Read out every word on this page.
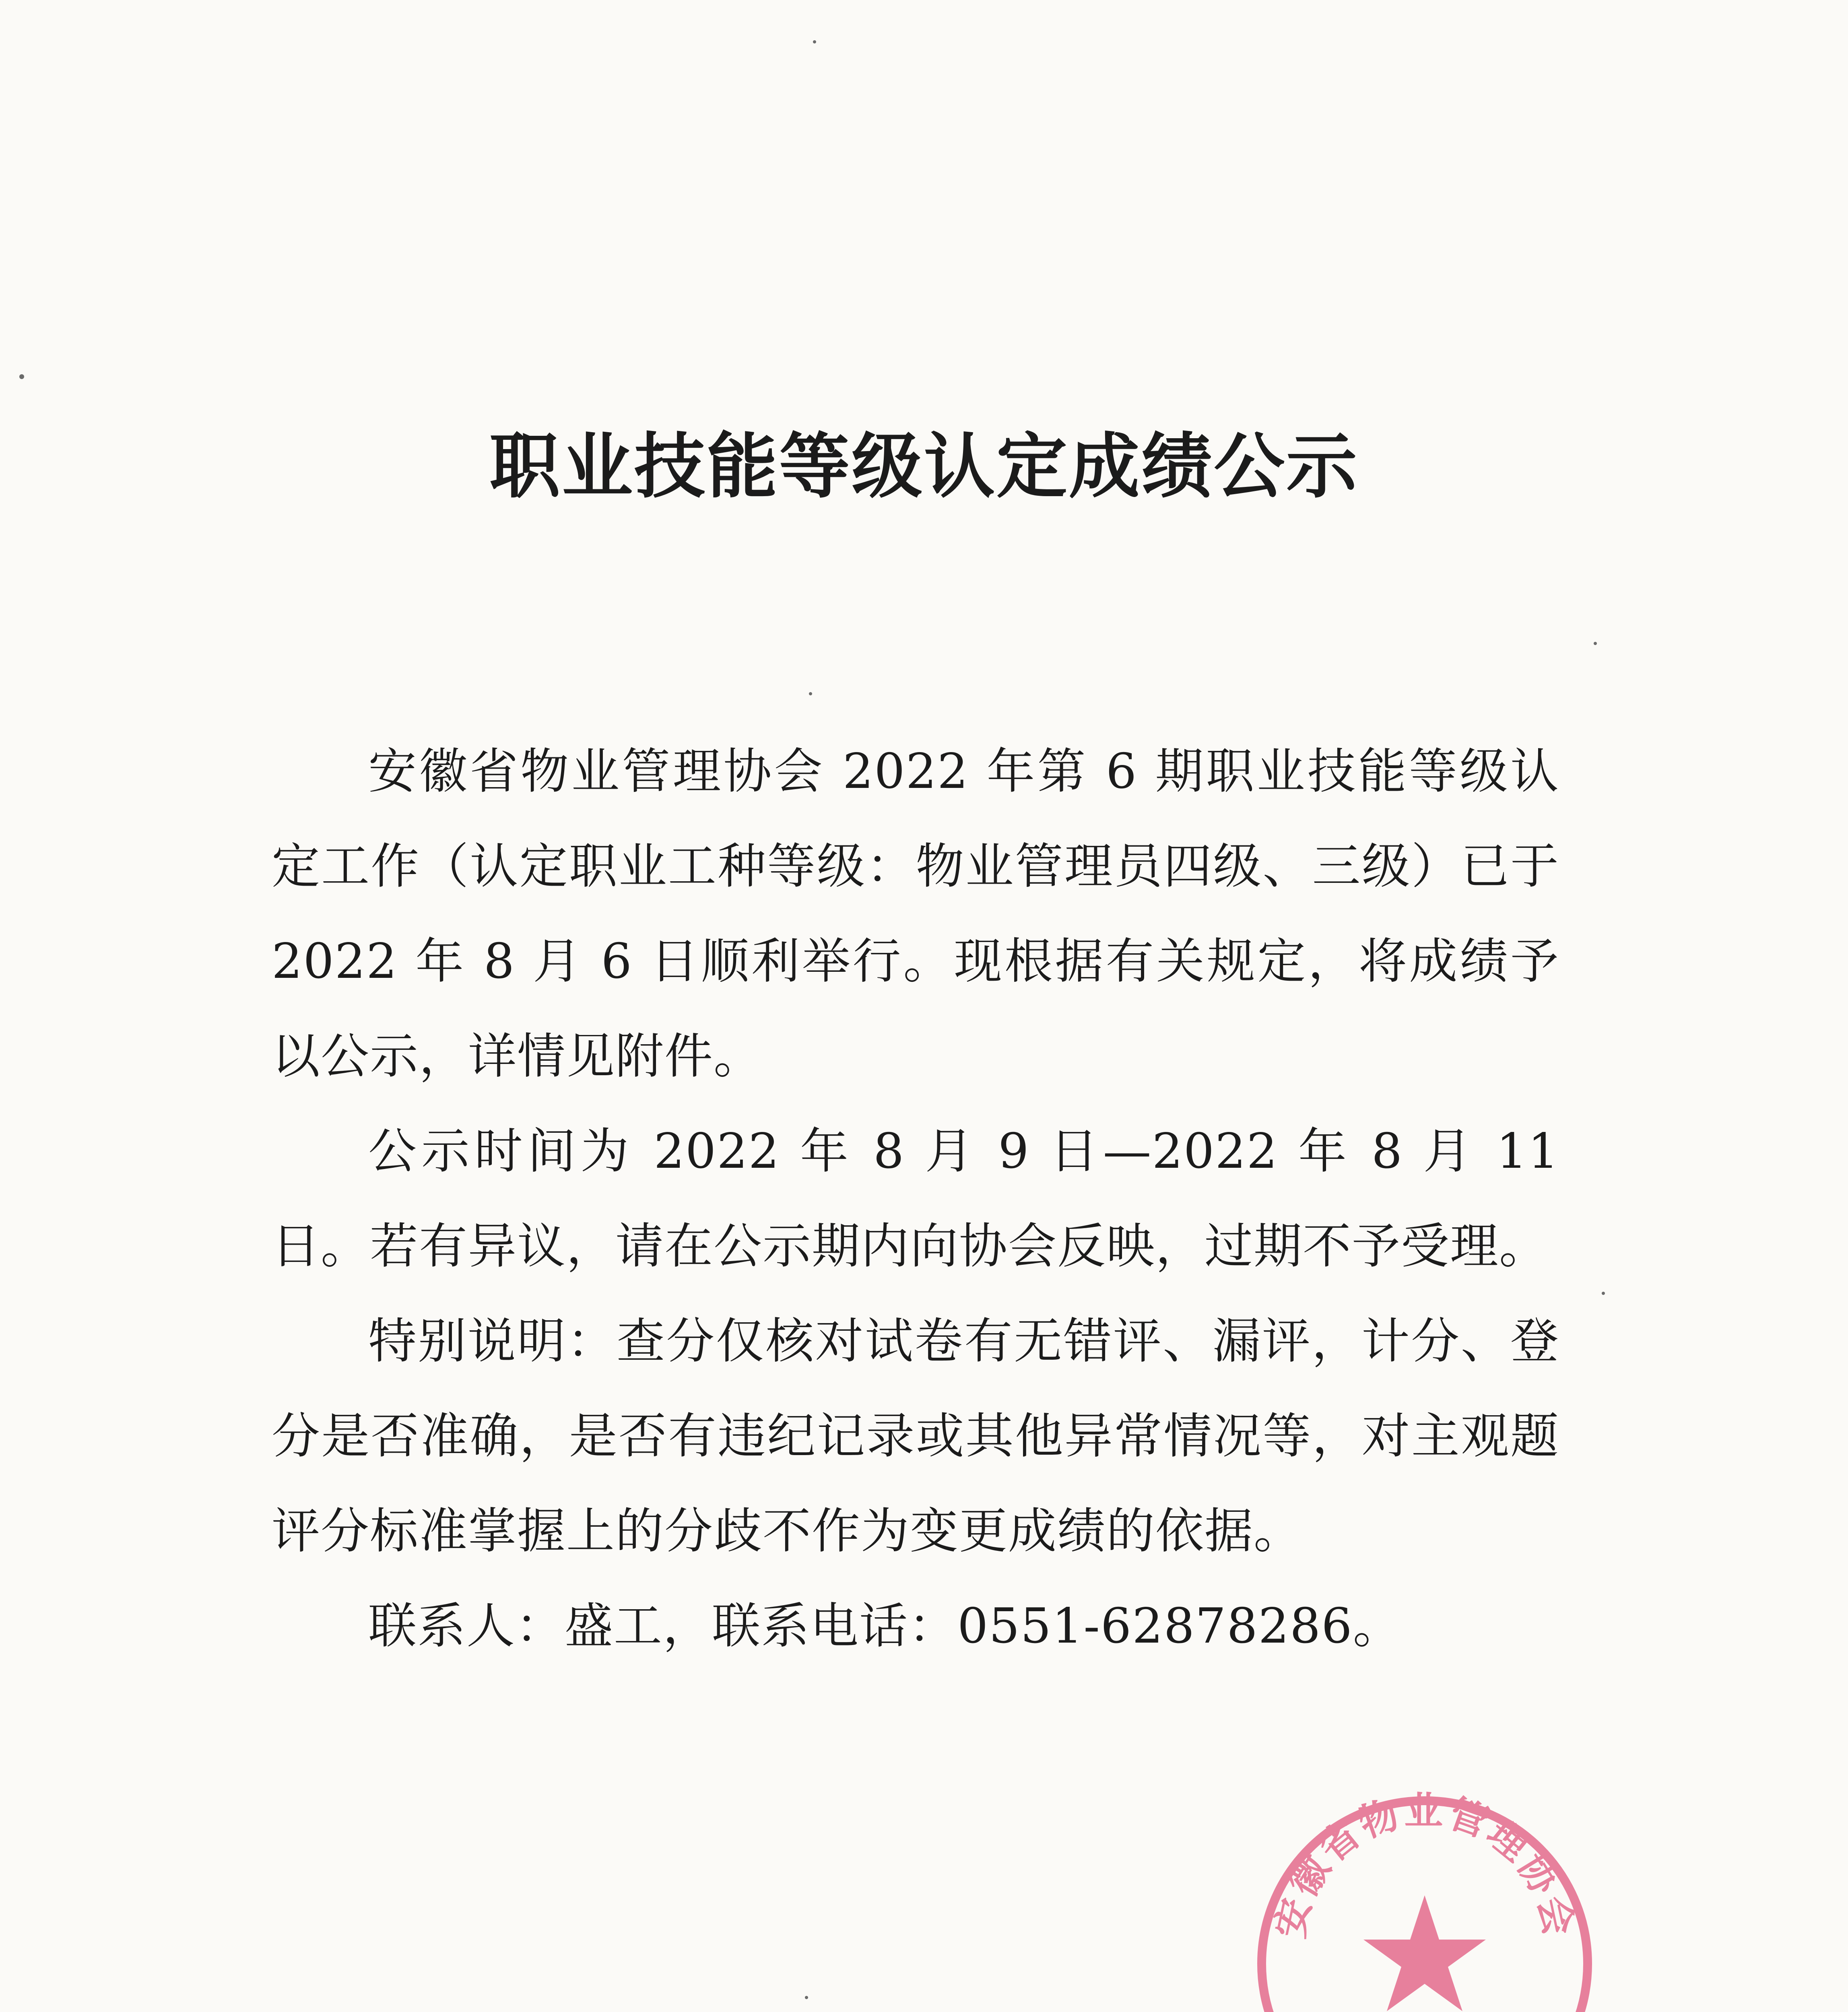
职业技能等级认定成绩公示

安徽省物业管理协会 2022 年第 6 期职业技能等级认定工作（认定职业工种等级：物业管理员四级、三级）已于 2022 年 8 月 6 日顺利举行。现根据有关规定，将成绩予以公示，详情见附件。

公示时间为 2022 年 8 月 9 日—2022 年 8 月 11 日。若有异议，请在公示期内向协会反映，过期不予受理。

特别说明：查分仅核对试卷有无错评、漏评，计分、登分是否准确，是否有违纪记录或其他异常情况等，对主观题评分标准掌握上的分歧不作为变更成绩的依据。

联系人：盛工，联系电话：0551-62878286。

安徽省物业管理协会
